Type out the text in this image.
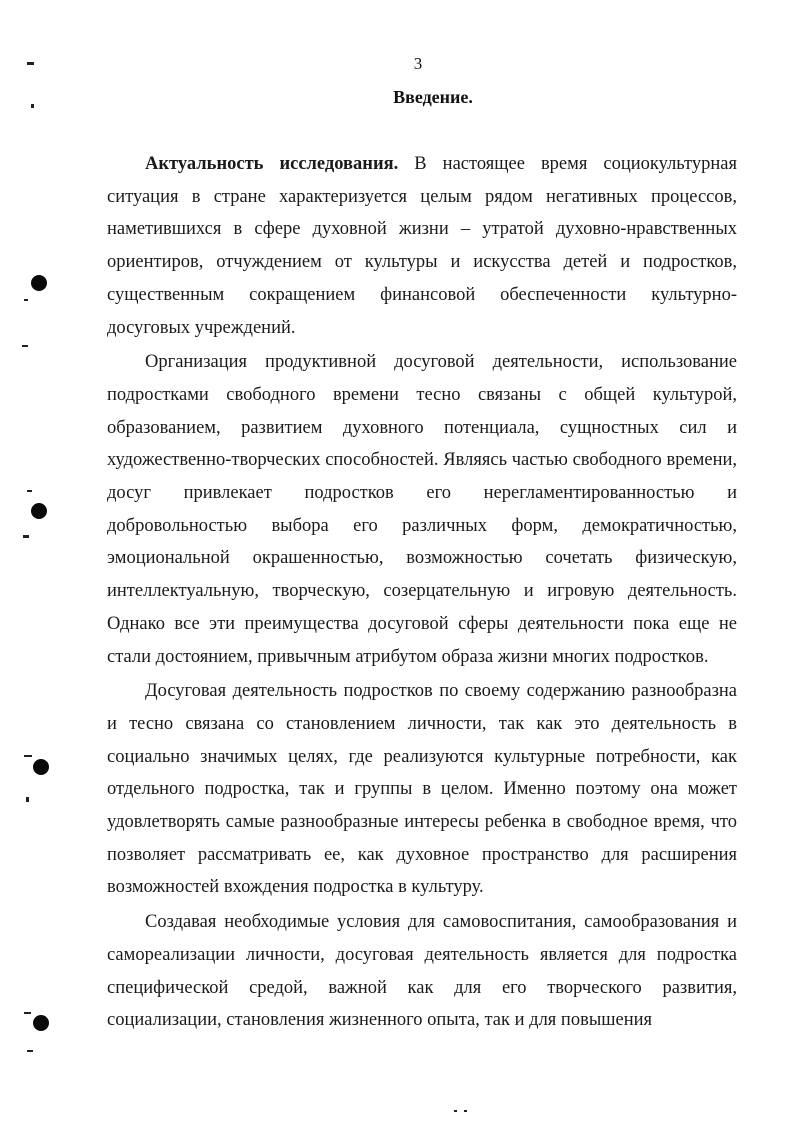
3
Введение.

Актуальность исследования. В настоящее время социокультурная ситуация в стране характеризуется целым рядом негативных процессов, наметившихся в сфере духовной жизни – утратой духовно-нравственных ориентиров, отчуждением от культуры и искусства детей и подростков, существенным сокращением финансовой обеспеченности культурно-досуговых учреждений.

Организация продуктивной досуговой деятельности, использование подростками свободного времени тесно связаны с общей культурой, образованием, развитием духовного потенциала, сущностных сил и художественно-творческих способностей. Являясь частью свободного времени, досуг привлекает подростков его нерегламентированностью и добровольностью выбора его различных форм, демократичностью, эмоциональной окрашенностью, возможностью сочетать физическую, интеллектуальную, творческую, созерцательную и игровую деятельность. Однако все эти преимущества досуговой сферы деятельности пока еще не стали достоянием, привычным атрибутом образа жизни многих подростков.

Досуговая деятельность подростков по своему содержанию разнообразна и тесно связана со становлением личности, так как это деятельность в социально значимых целях, где реализуются культурные потребности, как отдельного подростка, так и группы в целом. Именно поэтому она может удовлетворять самые разнообразные интересы ребенка в свободное время, что позволяет рассматривать ее, как духовное пространство для расширения возможностей вхождения подростка в культуру.

Создавая необходимые условия для самовоспитания, самообразования и самореализации личности, досуговая деятельность является для подростка специфической средой, важной как для его творческого развития, социализации, становления жизненного опыта, так и для повышения
